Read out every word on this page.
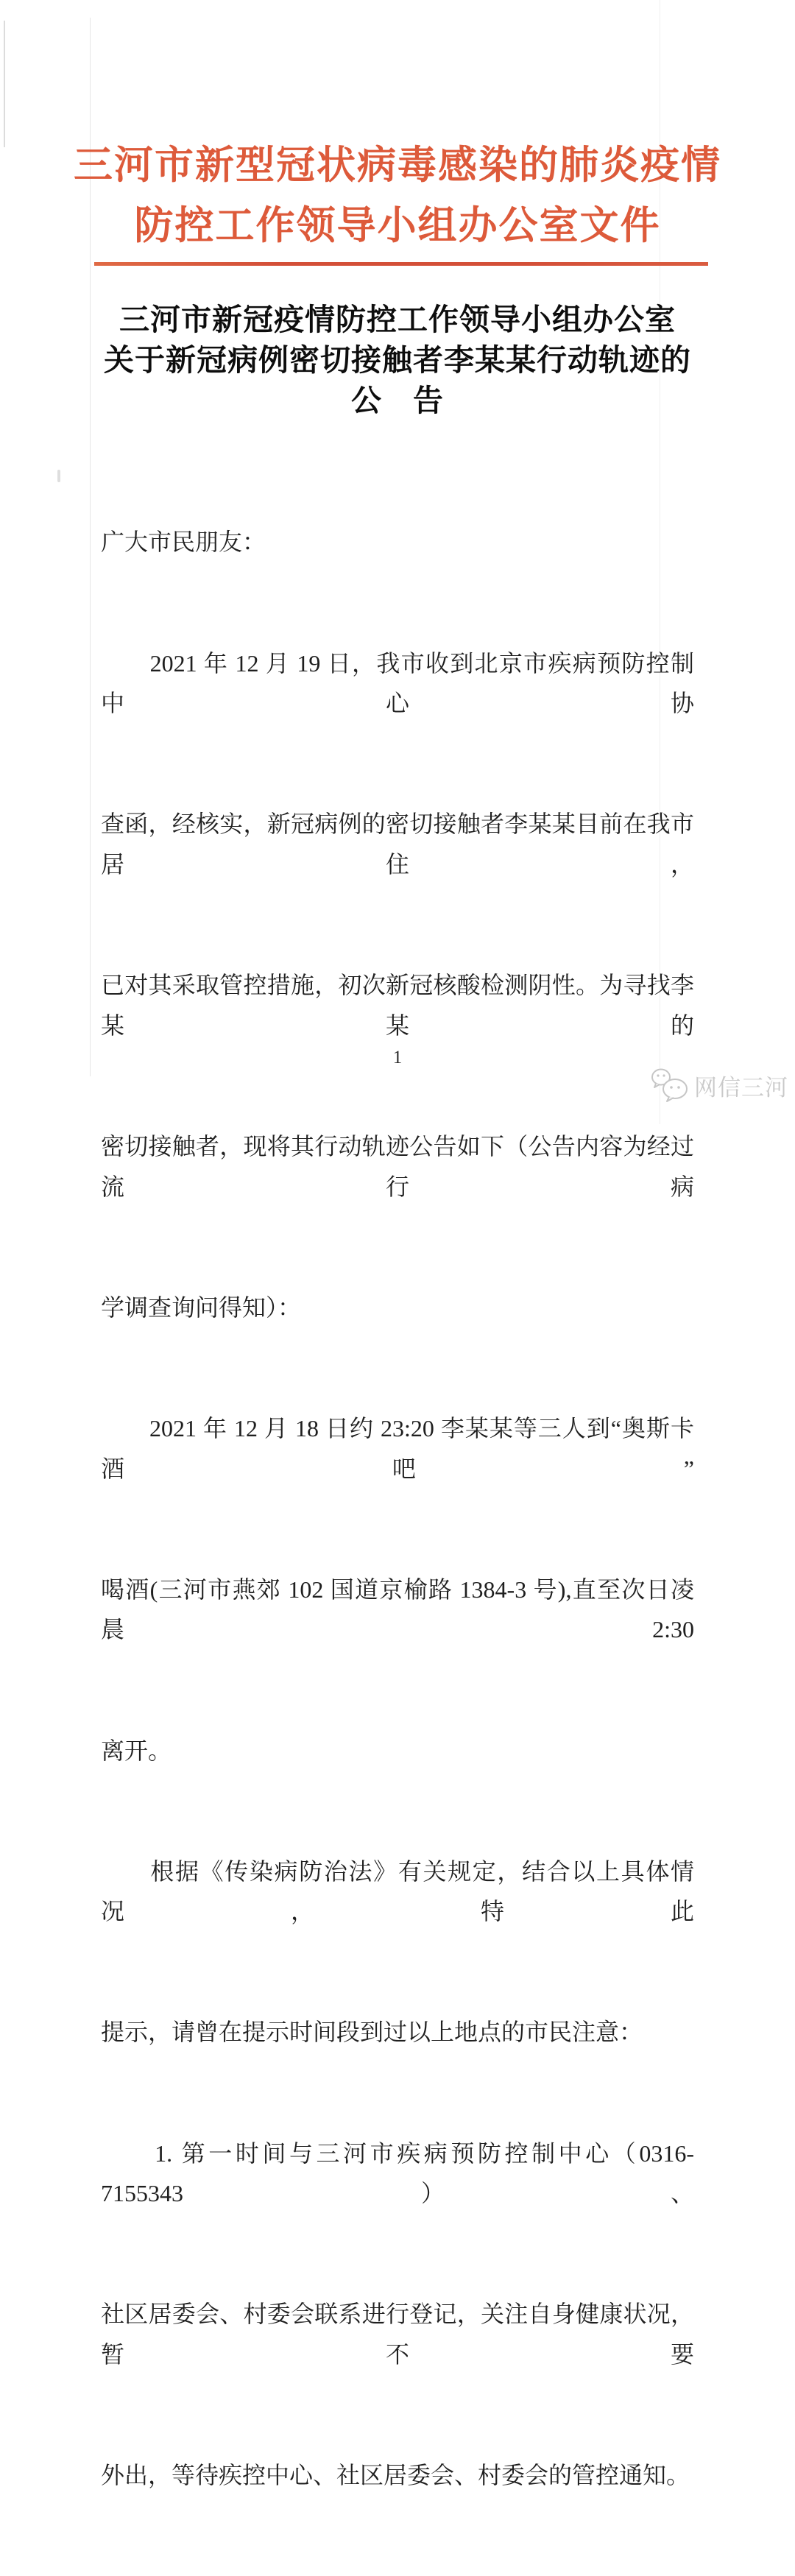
三河市新型冠状病毒感染的肺炎疫情
防控工作领导小组办公室文件
三河市新冠疫情防控工作领导小组办公室
关于新冠病例密切接触者李某某行动轨迹的
公　告

广大市民朋友：

　　2021 年 12 月 19 日，我市收到北京市疾病预防控制中心协

查函，经核实，新冠病例的密切接触者李某某目前在我市居住，

已对其采取管控措施，初次新冠核酸检测阴性。为寻找李某某的

密切接触者，现将其行动轨迹公告如下（公告内容为经过流行病

学调查询问得知）：

　　2021 年 12 月 18 日约 23:20 李某某等三人到“奥斯卡酒吧”

喝酒(三河市燕郊 102 国道京榆路 1384-3 号),直至次日凌晨 2:30

离开。

　　根据《传染病防治法》有关规定，结合以上具体情况，特此

提示，请曾在提示时间段到过以上地点的市民注意：

　　1. 第一时间与三河市疾病预防控制中心（0316-7155343）、

社区居委会、村委会联系进行登记，关注自身健康状况，暂不要

外出，等待疾控中心、社区居委会、村委会的管控通知。

1
网信三河
